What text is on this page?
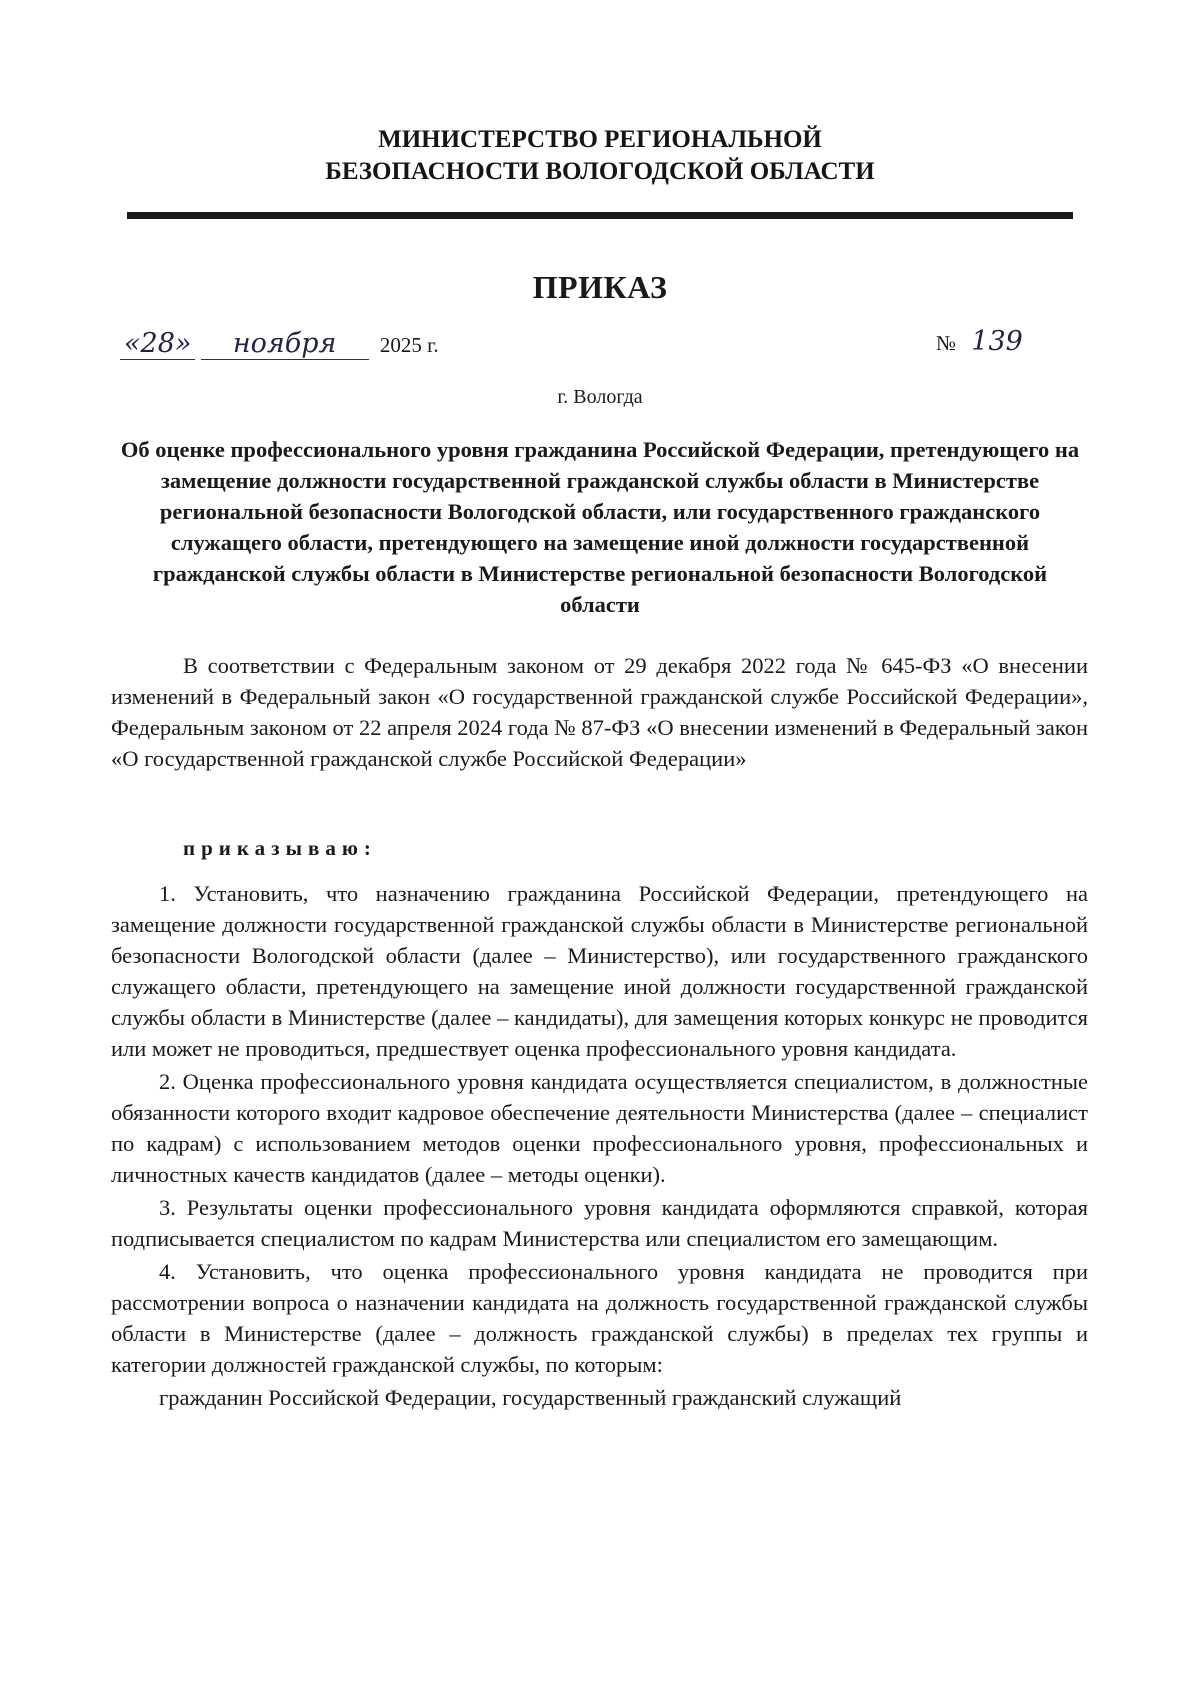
МИНИСТЕРСТВО РЕГИОНАЛЬНОЙ
БЕЗОПАСНОСТИ ВОЛОГОДСКОЙ ОБЛАСТИ
ПРИКАЗ
«28» ноября 2025 г.	№ 139
г. Вологда
Об оценке профессионального уровня гражданина Российской Федерации, претендующего на замещение должности государственной гражданской службы области в Министерстве региональной безопасности Вологодской области, или государственного гражданского служащего области, претендующего на замещение иной должности государственной гражданской службы области в Министерстве региональной безопасности Вологодской области

В соответствии с Федеральным законом от 29 декабря 2022 года № 645-ФЗ «О внесении изменений в Федеральный закон «О государственной гражданской службе Российской Федерации», Федеральным законом от 22 апреля 2024 года № 87-ФЗ «О внесении изменений в Федеральный закон «О государственной гражданской службе Российской Федерации»

приказываю:

1. Установить, что назначению гражданина Российской Федерации, претендующего на замещение должности государственной гражданской службы области в Министерстве региональной безопасности Вологодской области (далее – Министерство), или государственного гражданского служащего области, претендующего на замещение иной должности государственной гражданской службы области в Министерстве (далее – кандидаты), для замещения которых конкурс не проводится или может не проводиться, предшествует оценка профессионального уровня кандидата.

2. Оценка профессионального уровня кандидата осуществляется специалистом, в должностные обязанности которого входит кадровое обеспечение деятельности Министерства (далее – специалист по кадрам) с использованием методов оценки профессионального уровня, профессиональных и личностных качеств кандидатов (далее – методы оценки).

3. Результаты оценки профессионального уровня кандидата оформляются справкой, которая подписывается специалистом по кадрам Министерства или специалистом его замещающим.

4. Установить, что оценка профессионального уровня кандидата не проводится при рассмотрении вопроса о назначении кандидата на должность государственной гражданской службы области в Министерстве (далее – должность гражданской службы) в пределах тех группы и категории должностей гражданской службы, по которым:

гражданин Российской Федерации, государственный гражданский служащий
